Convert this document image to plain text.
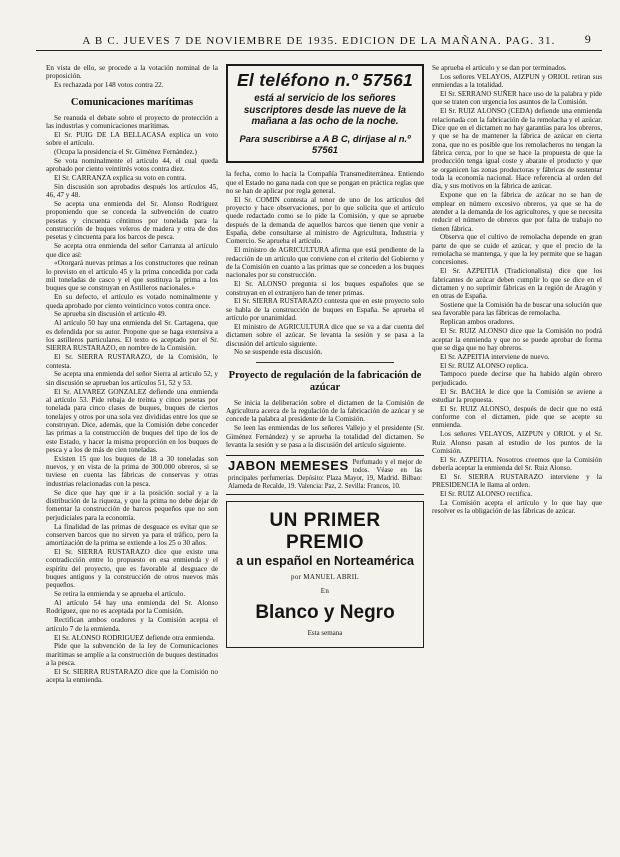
A B C. JUEVES 7 DE NOVIEMBRE DE 1935. EDICION DE LA MAÑANA. PAG. 31. 9

En vista de ello, se procede a la votación nominal de la proposición.

Es rechazada por 148 votos contra 22.

Comunicaciones marítimas

Se reanuda el debate sobre el proyecto de protección a las industrias y comunicaciones marítimas.

El Sr. PUIG DE LA BELLACASA explica un voto sobre el artículo.

(Ocupa la presidencia el Sr. Giménez Fernández.)

Se vota nominalmente el artículo 44, el cual queda aprobado por ciento veintitrés votos contra diez.

El Sr. CARRANZA explica su voto en contra.

Sin discusión son aprobados después los artículos 45, 46, 47 y 48.

Se acepta una enmienda del Sr. Alonso Rodríguez proponiendo que se conceda la subvención de cuatro pesetas y cincuenta céntimos por tonelada para la construcción de buques veleros de madera y otra de dos pesetas y cincuenta para los barcos de pesca.

Se acepta otra enmienda del señor Carranza al artículo que dice así:

«Otorgará nuevas primas a los constructores que reúnan lo previsto en el artículo 45 y la prima concedida por cada mil toneladas de casco y el que sustituya la prima a los buques que se construyan en Astilleros nacionales.»

En su defecto, el artículo es votado nominalmente y queda aprobado por ciento veinticinco votos contra once.

Se aprueba sin discusión el artículo 49.

Al artículo 50 hay una enmienda del Sr. Cartagena, que es defendida por su autor. Propone que se haga extensiva a los astilleros particulares. El texto es aceptado por el Sr. SIERRA RUSTARAZO, en nombre de la Comisión.

El Sr. SIERRA RUSTARAZO, de la Comisión, le contesta.

Se acepta una enmienda del señor Sierra al artículo 52, y sin discusión se aprueban los artículos 51, 52 y 53.

El Sr. ALVAREZ GONZALEZ defiende una enmienda al artículo 53. Pide rebaja de treinta y cinco pesetas por tonelada para cinco clases de buques, buques de ciertos tonelajes y otros por una sola vez divididas entre los que se construyan. Dice, además, que la Comisión debe conceder las primas a la construcción de buques del tipo de los de este Estado, y hacer la misma proporción en los buques de pesca y a los de más de cien toneladas.

Existen 15 que los buques de 18 a 30 toneladas son nuevos, y en vista de la prima de 300.000 obreros, si se tuviese en cuenta las fábricas de conservas y otras industrias relacionadas con la pesca.

Se dice que hay que ir a la posición social y a la distribución de la riqueza, y que la prima no debe dejar de fomentar la construcción de barcos pequeños que no son perjudiciales para la economía.

La finalidad de las primas de desguace es evitar que se conserven barcos que no sirven ya para el tráfico, pero la amortización de la prima se extiende a los 25 o 30 años.

El Sr. SIERRA RUSTARAZO dice que existe una contradicción entre lo propuesto en esa enmienda y el espíritu del proyecto, que es favorable al desguace de buques antiguos y la construcción de otros nuevos más pequeños.

Se retira la enmienda y se aprueba el artículo.

Al artículo 54 hay una enmienda del Sr. Alonso Rodríguez, que no es aceptada por la Comisión.

Rectifican ambos oradores y la Comisión acepta el artículo 7 de la enmienda.

El Sr. ALONSO RODRIGUEZ defiende otra enmienda.

Pide que la subvención de la ley de Comunicaciones marítimas se amplíe a la construcción de buques destinados a la pesca.

El Sr. SIERRA RUSTARAZO dice que la Comisión no acepta la enmienda.

El teléfono n.º 57561
está al servicio de los señores suscriptores desde las nueve de la mañana a las ocho de la noche.
Para suscribirse a A B C, diríjase al n.º 57561

la fecha, como lo hacía la Compañía Transmediterránea. Entiendo que el Estado no gana nada con que se pongan en práctica reglas que no se han de aplicar por regla general.

El Sr. COMIN contesta al tenor de uno de los artículos del proyecto y hace observaciones, por lo que solicita que el artículo quede redactado como se lo pide la Comisión, y que se apruebe después de la demanda de aquellos barcos que tienen que venir a España, debe consultarse al ministro de Agricultura, Industria y Comercio. Se aprueba el artículo.

El ministro de AGRICULTURA afirma que está pendiente de la redacción de un artículo que conviene con el criterio del Gobierno y de la Comisión en cuanto a las primas que se conceden a los buques nacionales por su construcción.

El Sr. ALONSO pregunta si los buques españoles que se construyan en el extranjero han de tener primas.

El Sr. SIERRA RUSTARAZO contesta que en este proyecto solo se habla de la construcción de buques en España. Se aprueba el artículo por unanimidad.

El ministro de AGRICULTURA dice que se va a dar cuenta del dictamen sobre el azúcar. Se levanta la sesión y se pasa a la discusión del artículo siguiente.

No se suspende esta discusión.

Proyecto de regulación de la fabricación de azúcar

Se inicia la deliberación sobre el dictamen de la Comisión de Agricultura acerca de la regulación de la fabricación de azúcar y se concede la palabra al presidente de la Comisión.

Se leen las enmiendas de los señores Vallejo y el presidente (Sr. Giménez Fernández) y se aprueba la totalidad del dictamen. Se levanta la sesión y se pasa a la discusión del artículo siguiente.

JABON MEMESES Perfumado y el mejor de todos. Véase en las principales perfumerías. Depósito: Plaza Mayor, 19, Madrid. Bilbao: Alameda de Recalde, 19. Valencia: Paz, 2. Sevilla: Francos, 10.
UN PRIMER PREMIO
a un español en Norteamérica
por MANUEL ABRIL
En
Blanco y Negro
Esta semana

Se aprueba el artículo y se dan por terminados.

Los señores VELAYOS, AIZPUN y ORIOL retiran sus enmiendas a la totalidad.

El Sr. SERRANO SUÑER hace uso de la palabra y pide que se traten con urgencia los asuntos de la Comisión.

El Sr. RUIZ ALONSO (CEDA) defiende una enmienda relacionada con la fabricación de la remolacha y el azúcar. Dice que en el dictamen no hay garantías para los obreros, y que se ha de mantener la fábrica de azúcar en cierta zona, que no es posible que los remolacheros no tengan la fábrica cerca, por lo que se hace la propuesta de que la producción tenga igual coste y abarate el producto y que se organicen las zonas productoras y fábricas de sustentar toda la economía nacional. Hace referencia al orden del día, y sus motivos en la fábrica de azúcar.

Expone que en la fábrica de azúcar no se han de emplear en número excesivo obreros, ya que se ha de atender a la demanda de los agricultores, y que se necesita reducir el número de obreros que por falta de trabajo no tienen fábrica.

Observa que el cultivo de remolacha depende en gran parte de que se cuide el azúcar, y que el precio de la remolacha se mantenga, y que la ley permite que se hagan concesiones.

El Sr. AZPEITIA (Tradicionalista) dice que los fabricantes de azúcar deben cumplir lo que se dice en el dictamen y no suprimir fábricas en la región de Aragón y en otras de España.

Sostiene que la Comisión ha de buscar una solución que sea favorable para las fábricas de remolacha.

Replican ambos oradores.

El Sr. RUIZ ALONSO dice que la Comisión no podrá aceptar la enmienda y que no se puede aprobar de forma que se diga que no hay obreros.

El Sr. AZPEITIA interviene de nuevo.

El Sr. RUIZ ALONSO replica.

Tampoco puede decirse que ha habido algún obrero perjudicado.

El Sr. BACHA le dice que la Comisión se aviene a estudiar la propuesta.

El Sr. RUIZ ALONSO, después de decir que no está conforme con el dictamen, pide que se acepte su enmienda.

Los señores VELAYOS, AIZPUN y ORIOL y el Sr. Ruiz Alonso pasan al estudio de los puntos de la Comisión.

El Sr. AZPEITIA. Nosotros creemos que la Comisión debería aceptar la enmienda del Sr. Ruiz Alonso.

El Sr. SIERRA RUSTARAZO interviene y la PRESIDENCIA le llama al orden.

El Sr. RUIZ ALONSO rectifica.

La Comisión acepta el artículo y lo que hay que resolver es la obligación de las fábricas de azúcar.
